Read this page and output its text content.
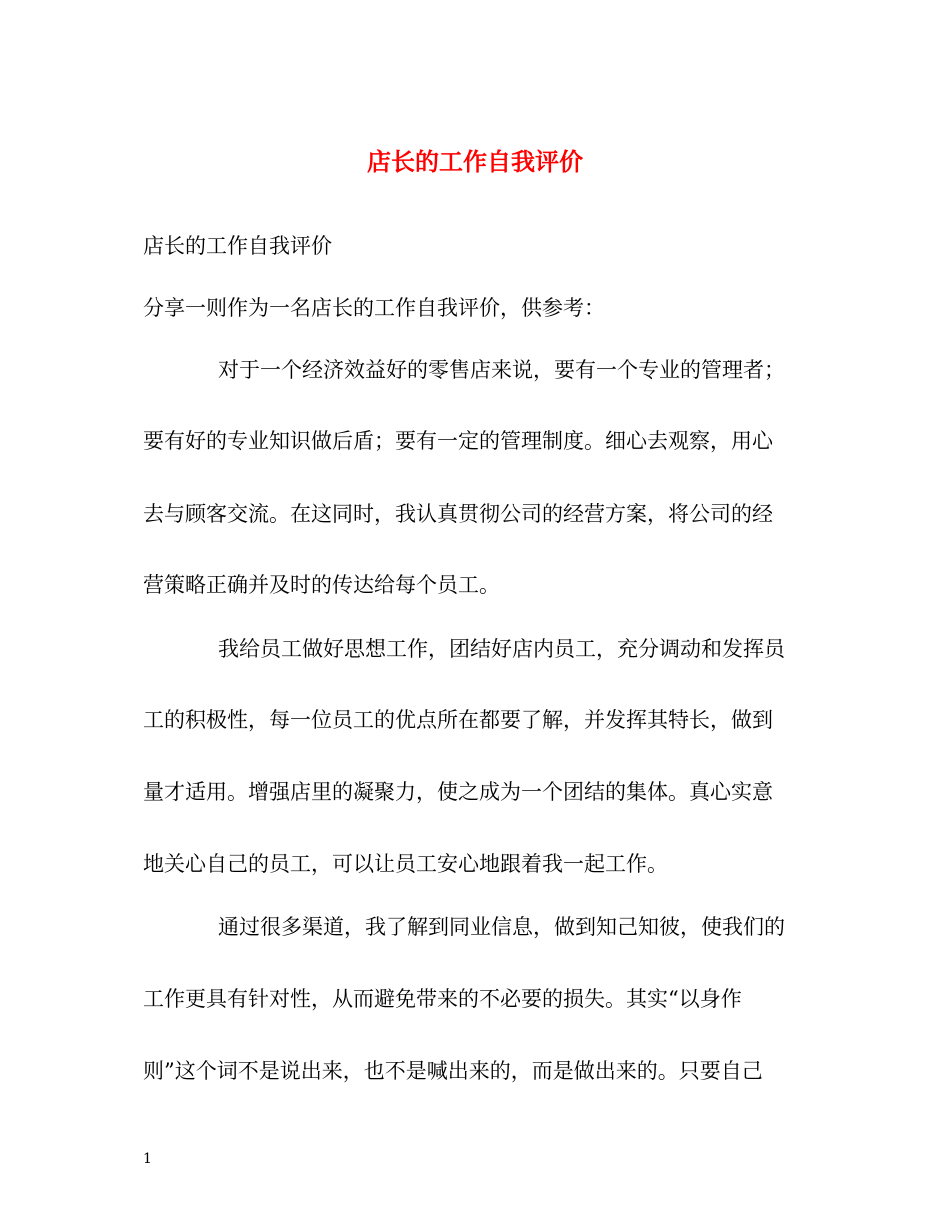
店长的工作自我评价
店长的工作自我评价
分享一则作为一名店长的工作自我评价，供参考：
对于一个经济效益好的零售店来说，要有一个专业的管理者；
要有好的专业知识做后盾；要有一定的管理制度。细心去观察，用心
去与顾客交流。在这同时，我认真贯彻公司的经营方案，将公司的经
营策略正确并及时的传达给每个员工。
我给员工做好思想工作，团结好店内员工，充分调动和发挥员
工的积极性，每一位员工的优点所在都要了解，并发挥其特长，做到
量才适用。增强店里的凝聚力，使之成为一个团结的集体。真心实意
地关心自己的员工，可以让员工安心地跟着我一起工作。
通过很多渠道，我了解到同业信息，做到知己知彼，使我们的
工作更具有针对性，从而避免带来的不必要的损失。其实“以身作
则”这个词不是说出来，也不是喊出来的，而是做出来的。只要自己
1
